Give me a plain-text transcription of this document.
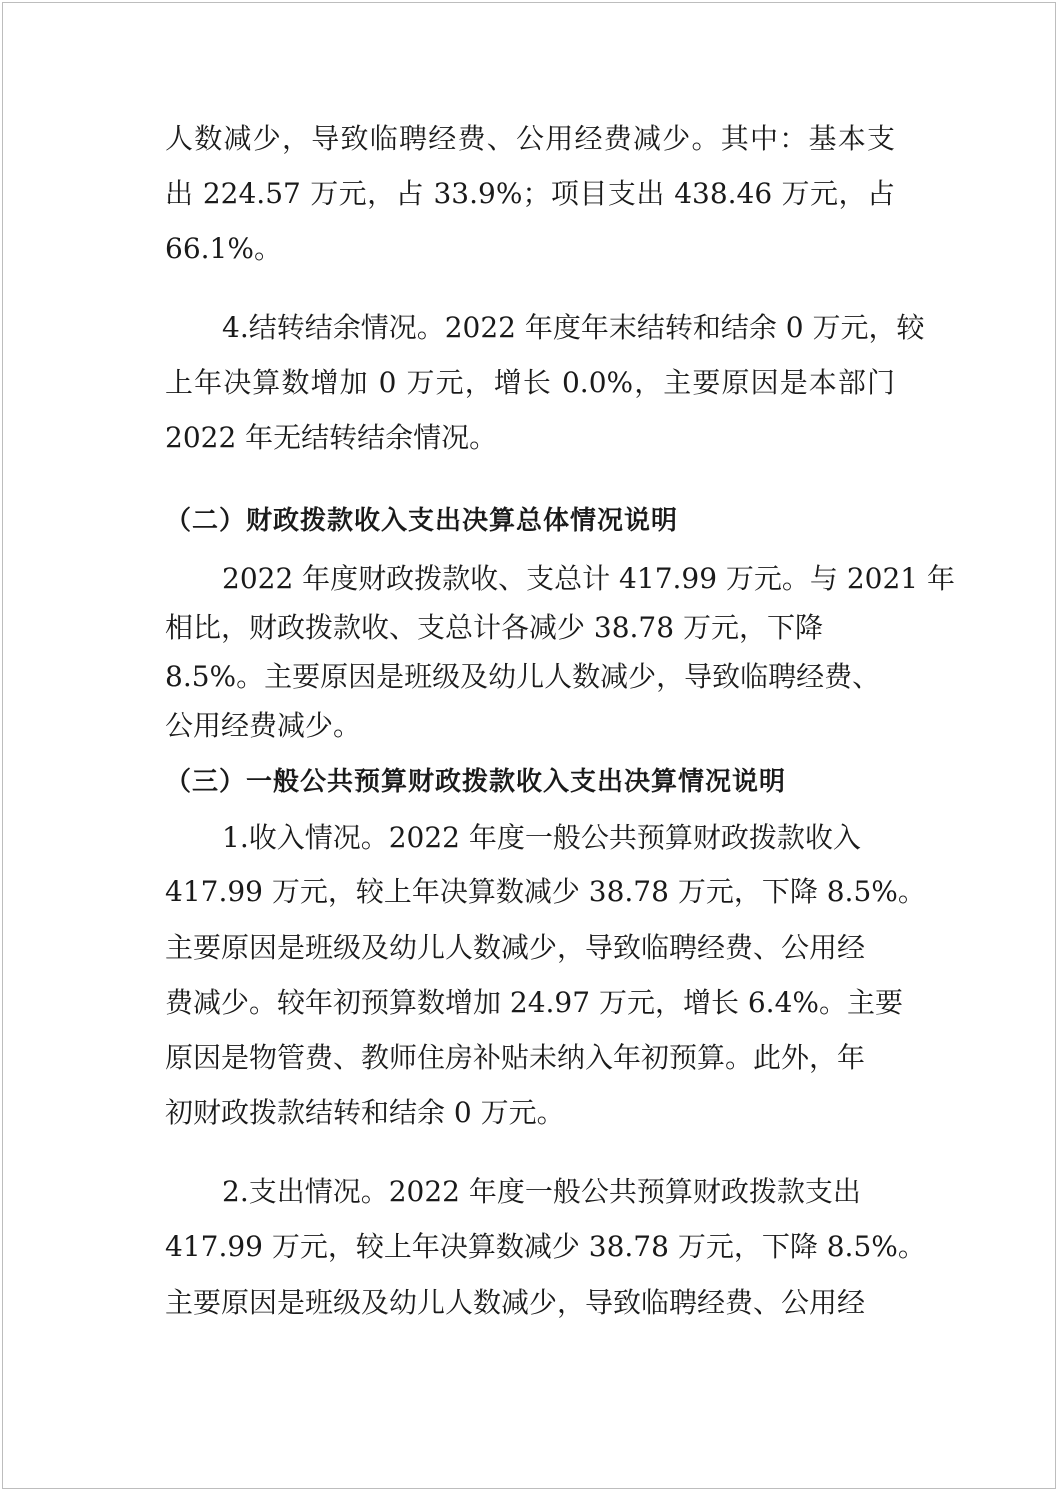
人数减少，导致临聘经费、公用经费减少。其中：基本支
出 224.57 万元，占 33.9%；项目支出 438.46 万元，占
66.1%。
4.结转结余情况。2022 年度年末结转和结余 0 万元，较
上年决算数增加 0 万元，增长 0.0%，主要原因是本部门
2022 年无结转结余情况。
（二）财政拨款收入支出决算总体情况说明
2022 年度财政拨款收、支总计 417.99 万元。与 2021 年
相比，财政拨款收、支总计各减少 38.78 万元，下降
8.5%。主要原因是班级及幼儿人数减少，导致临聘经费、
公用经费减少。
（三）一般公共预算财政拨款收入支出决算情况说明
1.收入情况。2022 年度一般公共预算财政拨款收入
417.99 万元，较上年决算数减少 38.78 万元，下降 8.5%。
主要原因是班级及幼儿人数减少，导致临聘经费、公用经
费减少。较年初预算数增加 24.97 万元，增长 6.4%。主要
原因是物管费、教师住房补贴未纳入年初预算。此外，年
初财政拨款结转和结余 0 万元。
2.支出情况。2022 年度一般公共预算财政拨款支出
417.99 万元，较上年决算数减少 38.78 万元，下降 8.5%。
主要原因是班级及幼儿人数减少，导致临聘经费、公用经
